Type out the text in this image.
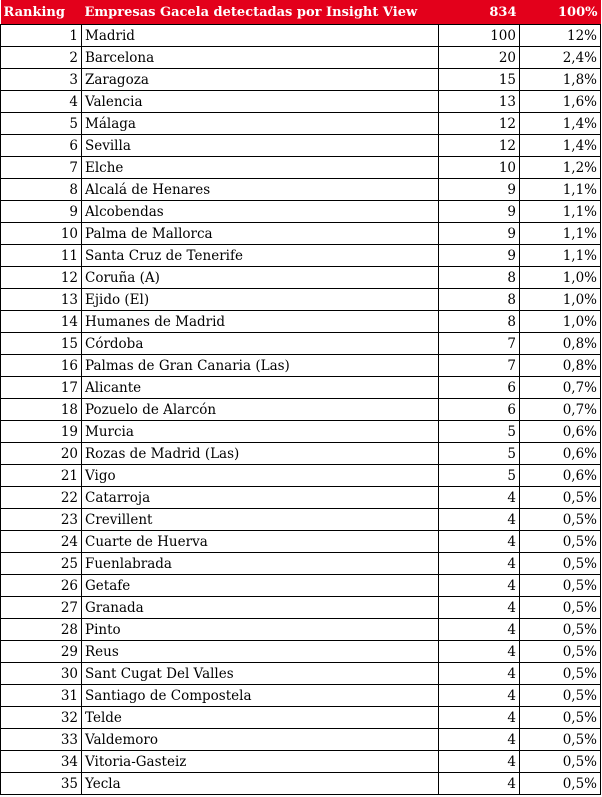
Ranking	Empresas Gacela detectadas por Insight View	834	100%
1	Madrid	100	12%
2	Barcelona	20	2,4%
3	Zaragoza	15	1,8%
4	Valencia	13	1,6%
5	Málaga	12	1,4%
6	Sevilla	12	1,4%
7	Elche	10	1,2%
8	Alcalá de Henares	9	1,1%
9	Alcobendas	9	1,1%
10	Palma de Mallorca	9	1,1%
11	Santa Cruz de Tenerife	9	1,1%
12	Coruña (A)	8	1,0%
13	Ejido (El)	8	1,0%
14	Humanes de Madrid	8	1,0%
15	Córdoba	7	0,8%
16	Palmas de Gran Canaria (Las)	7	0,8%
17	Alicante	6	0,7%
18	Pozuelo de Alarcón	6	0,7%
19	Murcia	5	0,6%
20	Rozas de Madrid (Las)	5	0,6%
21	Vigo	5	0,6%
22	Catarroja	4	0,5%
23	Crevillent	4	0,5%
24	Cuarte de Huerva	4	0,5%
25	Fuenlabrada	4	0,5%
26	Getafe	4	0,5%
27	Granada	4	0,5%
28	Pinto	4	0,5%
29	Reus	4	0,5%
30	Sant Cugat Del Valles	4	0,5%
31	Santiago de Compostela	4	0,5%
32	Telde	4	0,5%
33	Valdemoro	4	0,5%
34	Vitoria-Gasteiz	4	0,5%
35	Yecla	4	0,5%
